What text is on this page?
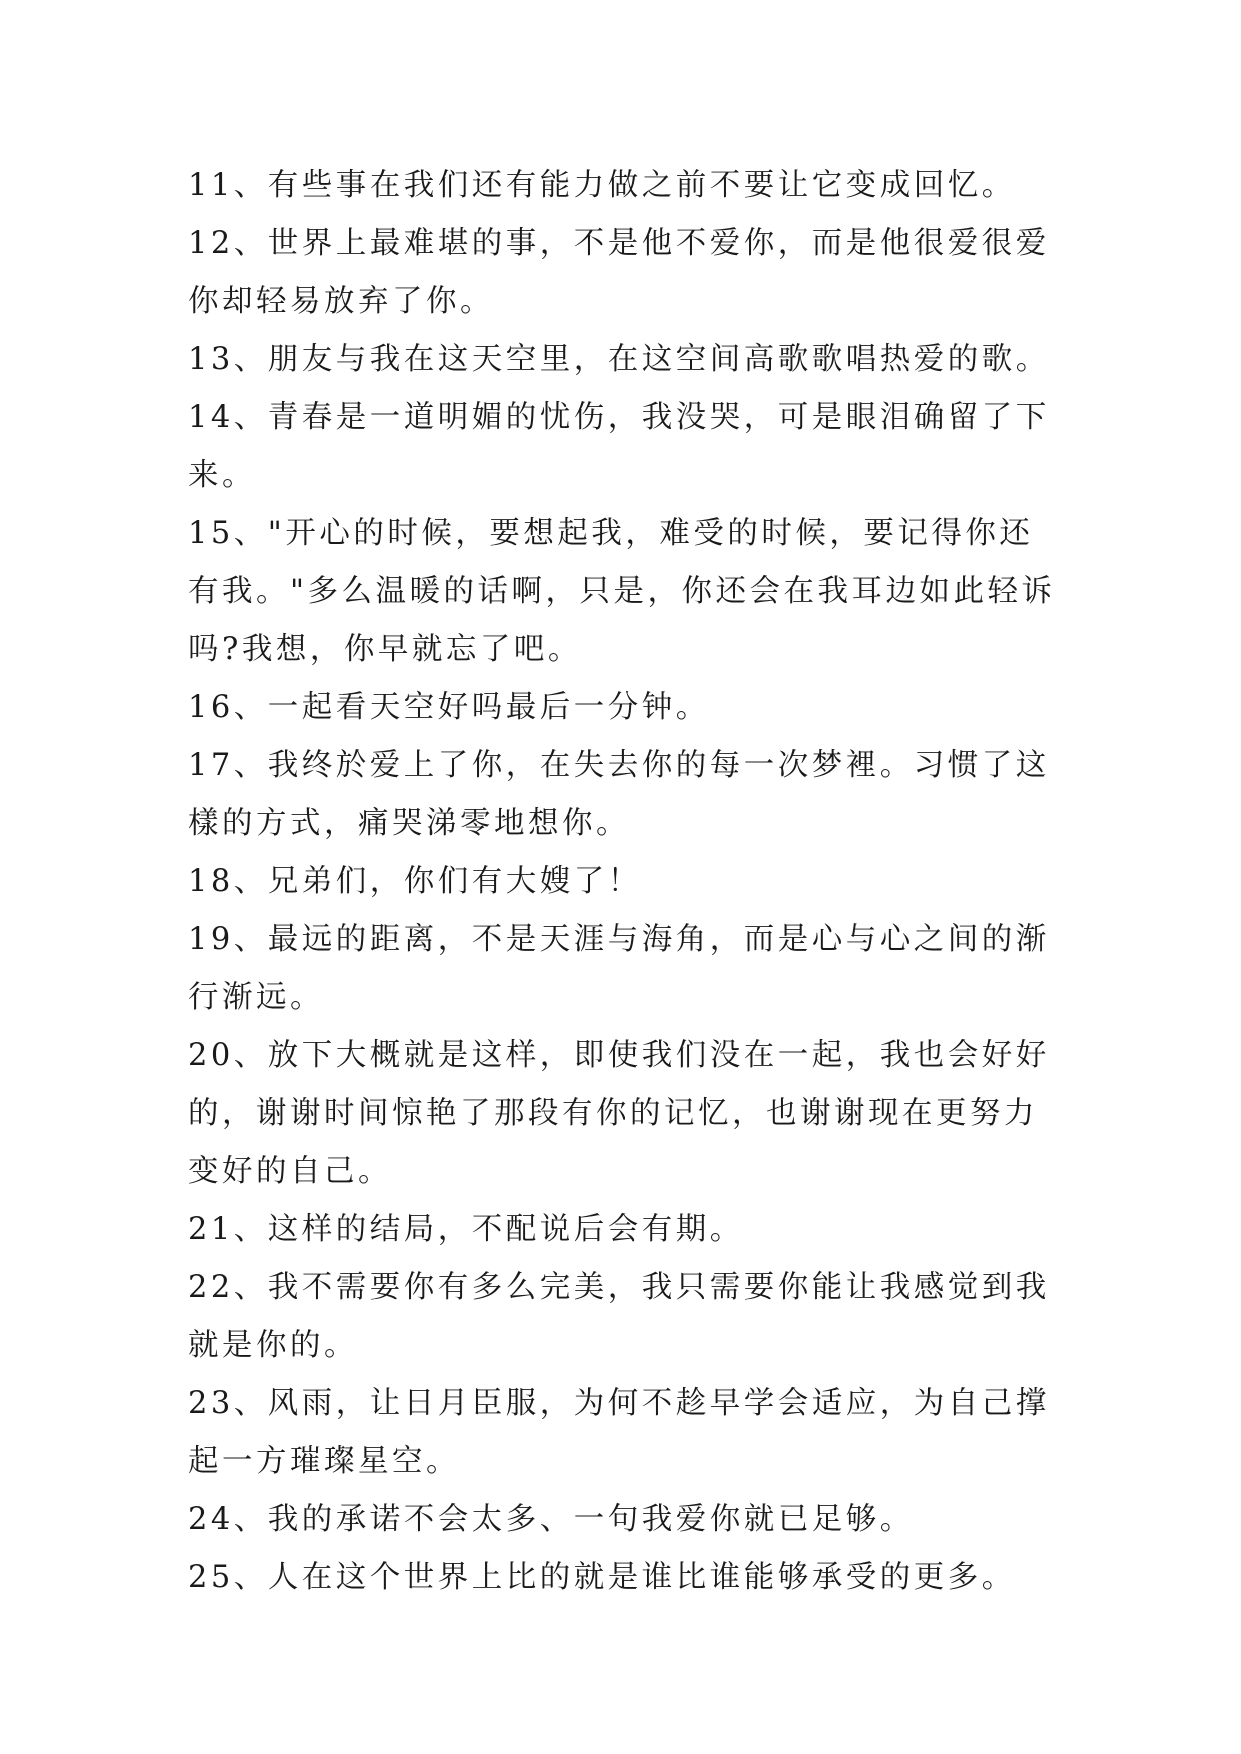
11、有些事在我们还有能力做之前不要让它变成回忆。

12、世界上最难堪的事，不是他不爱你，而是他很爱很爱你却轻易放弃了你。

13、朋友与我在这天空里，在这空间高歌歌唱热爱的歌。

14、青春是一道明媚的忧伤，我没哭，可是眼泪确留了下来。

15、"开心的时候，要想起我，难受的时候，要记得你还有我。"多么温暖的话啊，只是，你还会在我耳边如此轻诉吗?我想，你早就忘了吧。

16、一起看天空好吗最后一分钟。

17、我终於爱上了你，在失去你的每一次梦裡。习惯了这樣的方式，痛哭涕零地想你。

18、兄弟们，你们有大嫂了！

19、最远的距离，不是天涯与海角，而是心与心之间的渐行渐远。

20、放下大概就是这样，即使我们没在一起，我也会好好的，谢谢时间惊艳了那段有你的记忆，也谢谢现在更努力变好的自己。

21、这样的结局，不配说后会有期。

22、我不需要你有多么完美，我只需要你能让我感觉到我就是你的。

23、风雨，让日月臣服，为何不趁早学会适应，为自己撑起一方璀璨星空。

24、我的承诺不会太多、一句我爱你就已足够。

25、人在这个世界上比的就是谁比谁能够承受的更多。
